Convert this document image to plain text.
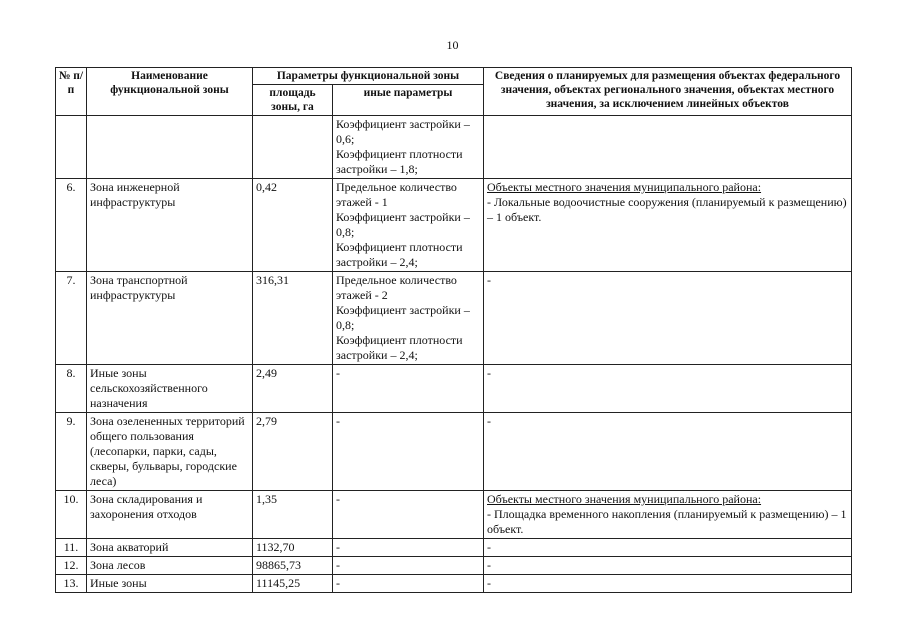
10
№ п/п	Наименование функциональной зоны	Параметры функциональной зоны		Сведения о планируемых для размещения объектах федерального значения, объектах регионального значения, объектах местного значения, за исключением линейных объектов
		площадь зоны, га	иные параметры	

			Коэффициент застройки – 0,6;
Коэффициент плотности застройки – 1,8;	

6.	Зона инженерной инфраструктуры	0,42	Предельное количество этажей - 1
Коэффициент застройки – 0,8;
Коэффициент плотности застройки – 2,4;	Объекты местного значения муниципального района:
- Локальные водоочистные сооружения (планируемый к размещению) – 1 объект.

7.	Зона транспортной инфраструктуры	316,31	Предельное количество этажей - 2
Коэффициент застройки – 0,8;
Коэффициент плотности застройки – 2,4;	-

8.	Иные зоны сельскохозяйственного назначения	2,49	-	-

9.	Зона озелененных территорий общего пользования (лесопарки, парки, сады, скверы, бульвары, городские леса)	2,79	-	-

10.	Зона складирования и захоронения отходов	1,35	-	Объекты местного значения муниципального района:
- Площадка временного накопления (планируемый к размещению) – 1 объект.

11.	Зона акваторий	1132,70	-	-

12.	Зона лесов	98865,73	-	-

13.	Иные зоны	11145,25	-	-
